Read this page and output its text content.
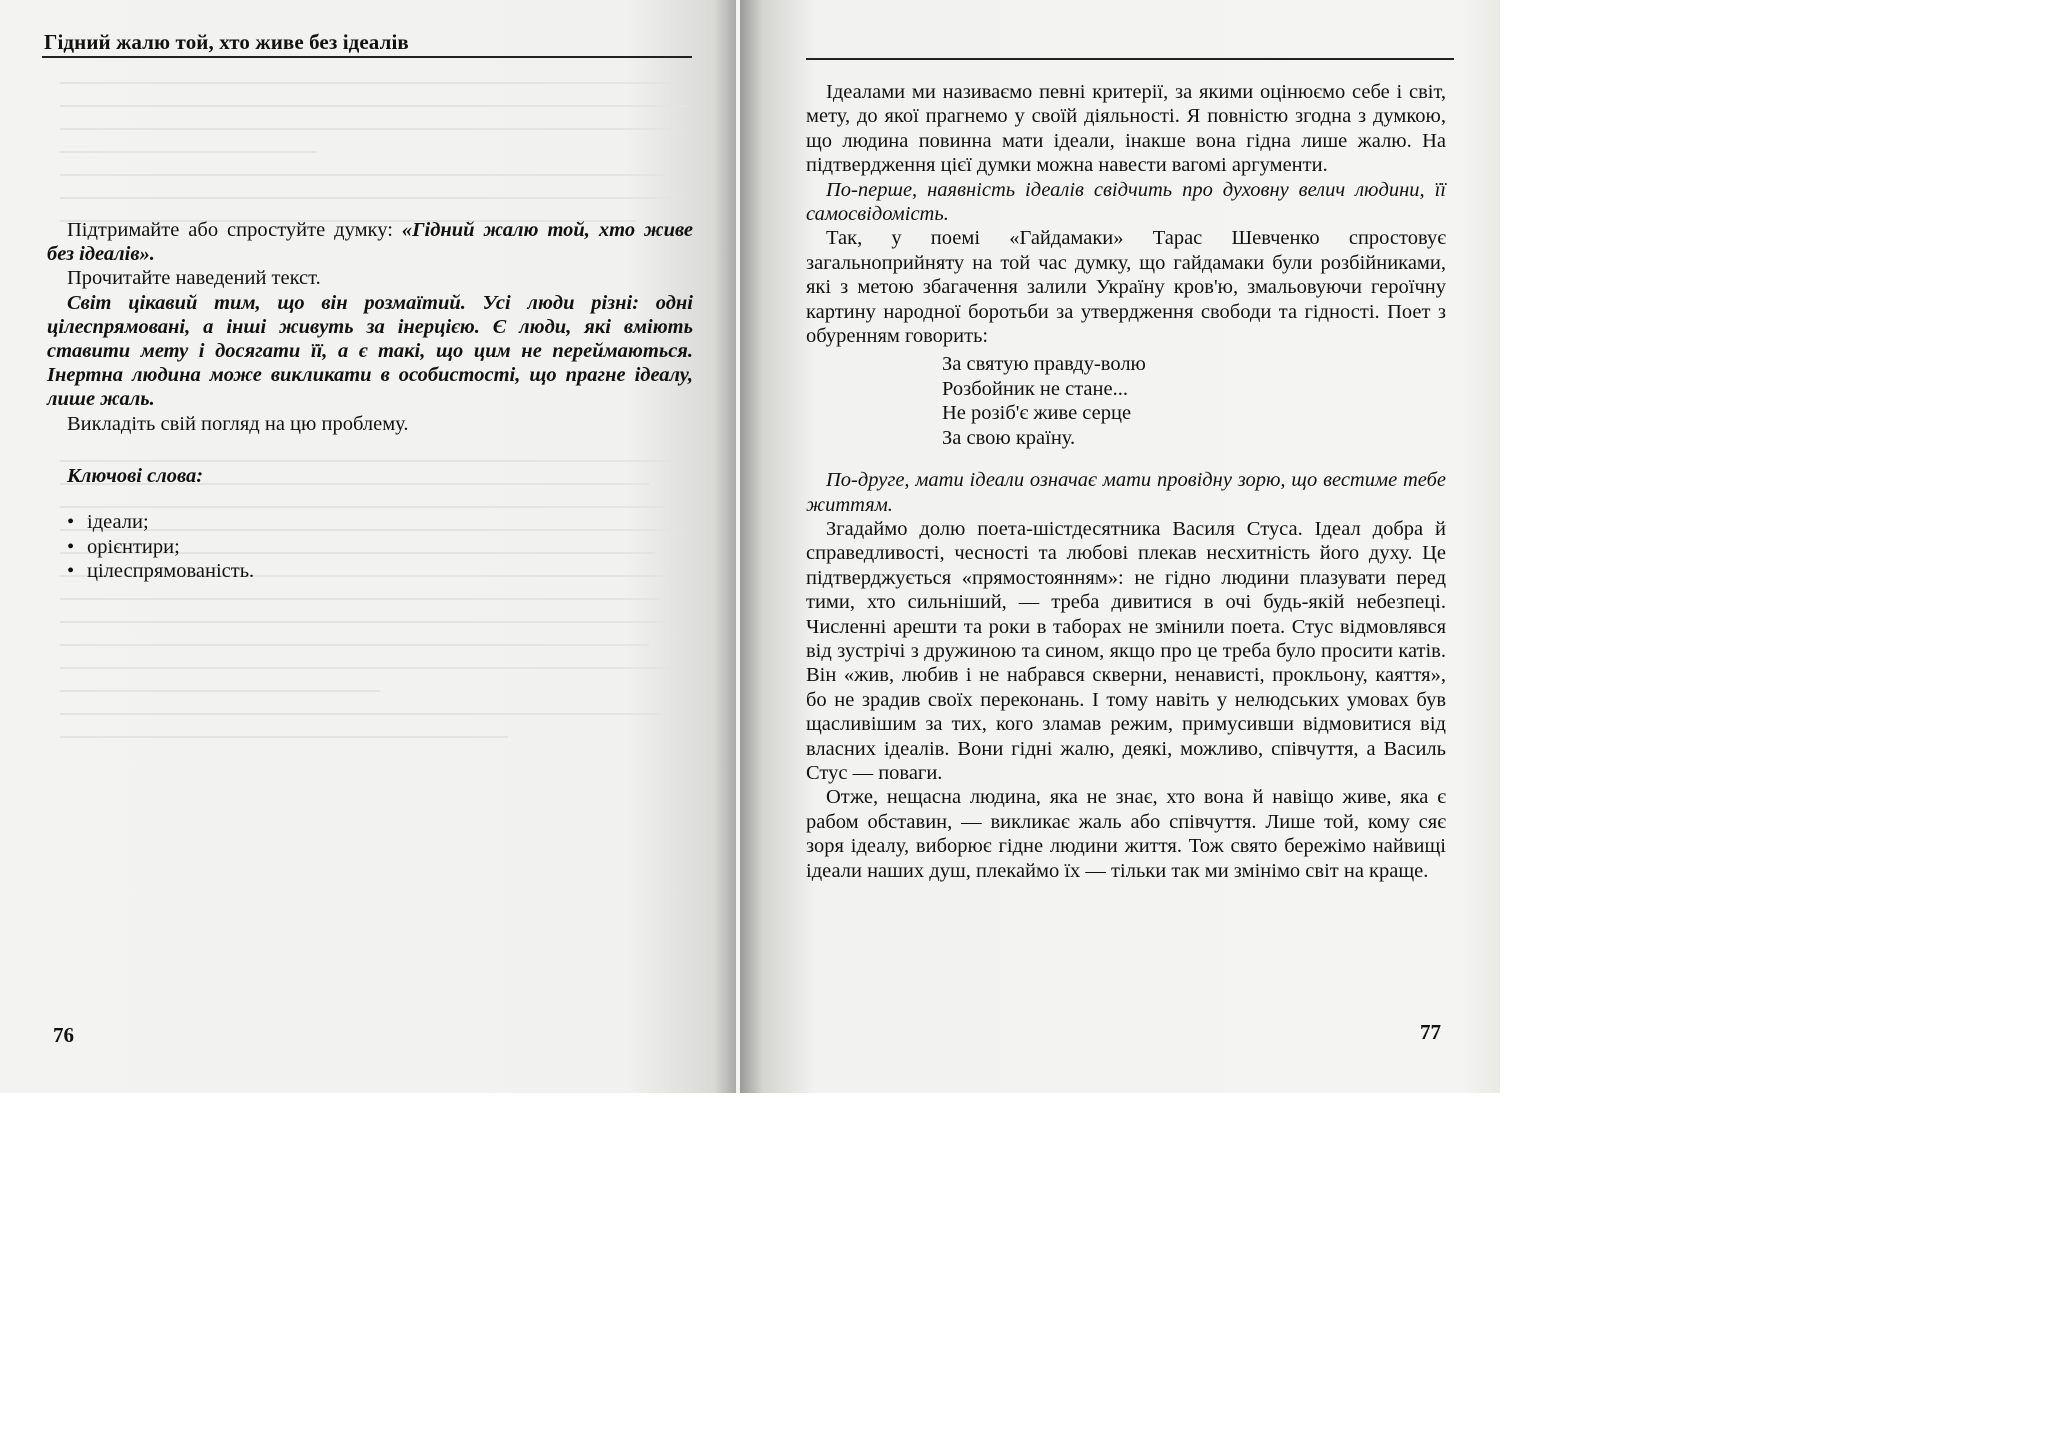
Гідний жалю той, хто живе без ідеалів
Підтримайте або спростуйте думку: «Гідний жалю той, хто живе без ідеалів».
Прочитайте наведений текст.
Світ цікавий тим, що він розмаїтий. Усі люди різні: одні цілеспрямовані, а інші живуть за інерцією. Є люди, які вміють ставити мету і досягати її, а є такі, що цим не переймаються. Інертна людина може викликати в особистості, що прагне ідеалу, лише жаль.
Викладіть свій погляд на цю проблему.
Ключові слова:
• ідеали;
• орієнтири;
• цілеспрямованість.
76

Ідеалами ми називаємо певні критерії, за якими оцінюємо себе і світ, мету, до якої прагнемо у своїй діяльності. Я повністю згодна з думкою, що людина повинна мати ідеали, інакше вона гідна лише жалю. На підтвердження цієї думки можна навести вагомі аргументи.

По-перше, наявність ідеалів свідчить про духовну велич людини, її самосвідомість.

Так, у поемі «Гайдамаки» Тарас Шевченко спростовує загальноприйняту на той час думку, що гайдамаки були розбійниками, які з метою збагачення залили Україну кров'ю, змальовуючи героїчну картину народної боротьби за утвердження свободи та гідності. Поет з обуренням говорить:

За святую правду-волю
Розбойник не стане...
Не розіб'є живе серце
За свою країну.

По-друге, мати ідеали означає мати провідну зорю, що вестиме тебе життям.

Згадаймо долю поета-шістдесятника Василя Стуса. Ідеал добра й справедливості, чесності та любові плекав несхитність його духу. Це підтверджується «прямостоянням»: не гідно людини плазувати перед тими, хто сильніший, — треба дивитися в очі будь-якій небезпеці. Численні арешти та роки в таборах не змінили поета. Стус відмовлявся від зустрічі з дружиною та сином, якщо про це треба було просити катів. Він «жив, любив і не набрався скверни, ненависті, прокльону, каяття», бо не зрадив своїх переконань. І тому навіть у нелюдських умовах був щасливішим за тих, кого зламав режим, примусивши відмовитися від власних ідеалів. Вони гідні жалю, деякі, можливо, співчуття, а Василь Стус — поваги.

Отже, нещасна людина, яка не знає, хто вона й навіщо живе, яка є рабом обставин, — викликає жаль або співчуття. Лише той, кому сяє зоря ідеалу, виборює гідне людини життя. Тож свято бережімо найвищі ідеали наших душ, плекаймо їх — тільки так ми змінімо світ на краще.

77
